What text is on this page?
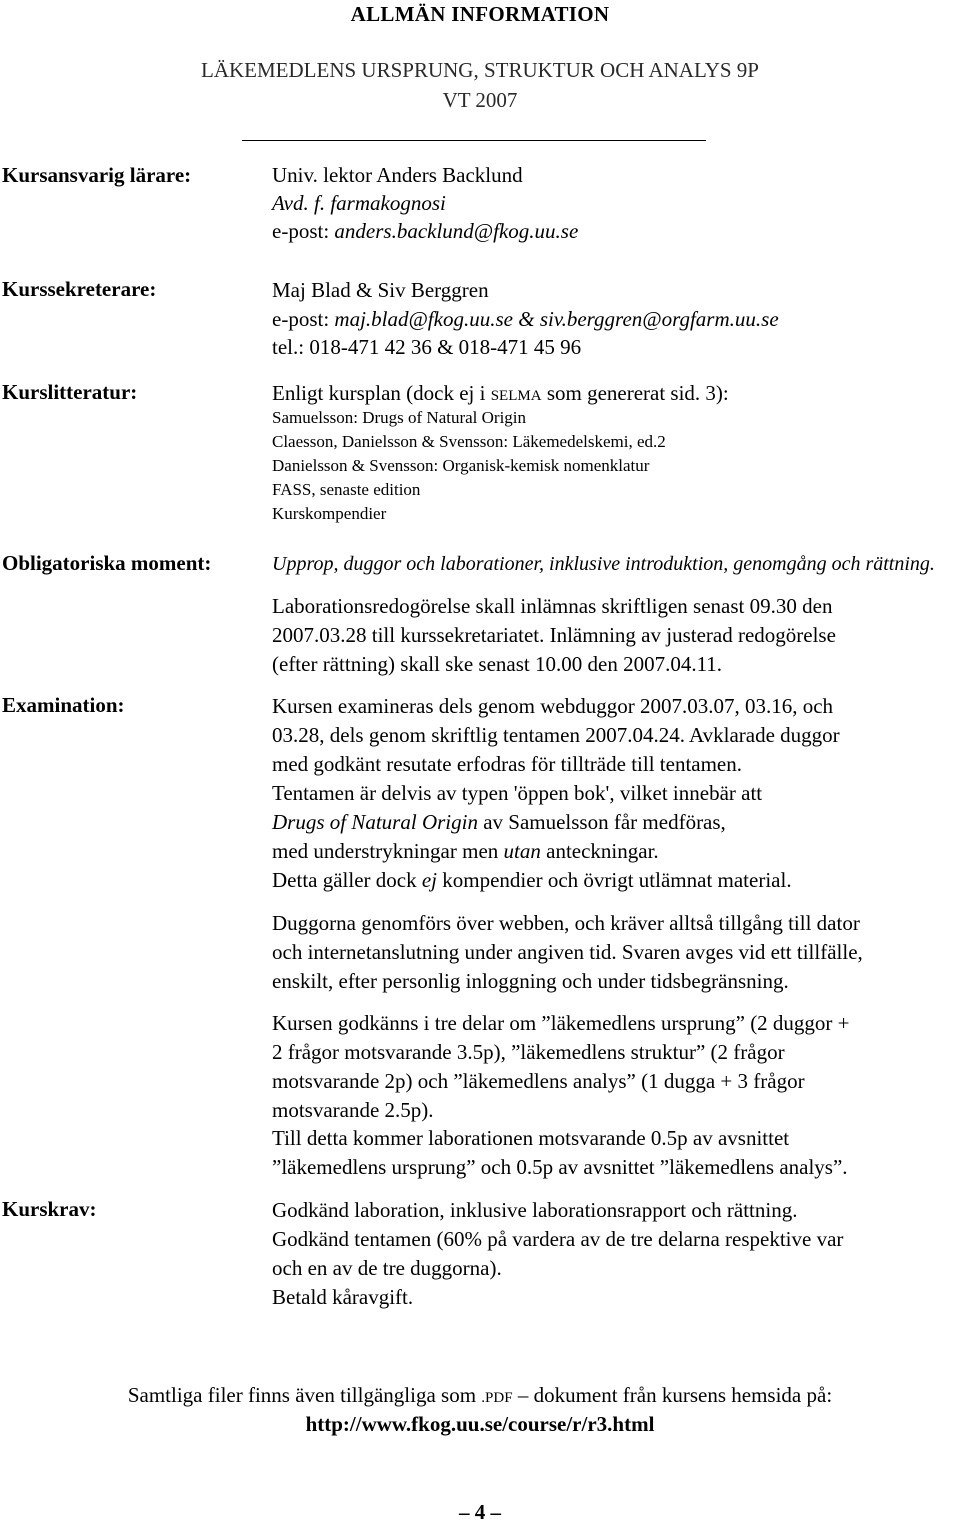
ALLMÄN INFORMATION
LÄKEMEDLENS URSPRUNG, STRUKTUR OCH ANALYS 9P
VT 2007
Kursansvarig lärare:	Univ. lektor Anders Backlund
Avd. f. farmakognosi
e-post: anders.backlund@fkog.uu.se
Kurssekreterare:	Maj Blad & Siv Berggren
e-post: maj.blad@fkog.uu.se & siv.berggren@orgfarm.uu.se
tel.: 018-471 42 36 & 018-471 45 96
Kurslitteratur:	Enligt kursplan (dock ej i SELMA som genererat sid. 3):
Samuelsson: Drugs of Natural Origin
Claesson, Danielsson & Svensson: Läkemedelskemi, ed.2
Danielsson & Svensson: Organisk-kemisk nomenklatur
FASS, senaste edition
Kurskompendier
Obligatoriska moment:	Upprop, duggor och laborationer, inklusive introduktion, genomgång och rättning.
Laborationsredogörelse skall inlämnas skriftligen senast 09.30 den
2007.03.28 till kurssekretariatet. Inlämning av justerad redogörelse
(efter rättning) skall ske senast 10.00 den 2007.04.11.
Examination:	Kursen examineras dels genom webduggor 2007.03.07, 03.16, och
03.28, dels genom skriftlig tentamen 2007.04.24. Avklarade duggor
med godkänt resutate erfodras för tillträde till tentamen.
Tentamen är delvis av typen 'öppen bok', vilket innebär att
Drugs of Natural Origin av Samuelsson får medföras,
med understrykningar men utan anteckningar.
Detta gäller dock ej kompendier och övrigt utlämnat material.
Duggorna genomförs över webben, och kräver alltså tillgång till dator
och internetanslutning under angiven tid. Svaren avges vid ett tillfälle,
enskilt, efter personlig inloggning och under tidsbegränsning.
Kursen godkänns i tre delar om ”läkemedlens ursprung” (2 duggor +
2 frågor motsvarande 3.5p), ”läkemedlens struktur” (2 frågor
motsvarande 2p) och ”läkemedlens analys” (1 dugga + 3 frågor
motsvarande 2.5p).
Till detta kommer laborationen motsvarande 0.5p av avsnittet
”läkemedlens ursprung” och 0.5p av avsnittet ”läkemedlens analys”.
Kurskrav:	Godkänd laboration, inklusive laborationsrapport och rättning.
Godkänd tentamen (60% på vardera av de tre delarna respektive var
och en av de tre duggorna).
Betald kåravgift.
Samtliga filer finns även tillgängliga som .PDF – dokument från kursens hemsida på:
http://www.fkog.uu.se/course/r/r3.html
– 4 –
